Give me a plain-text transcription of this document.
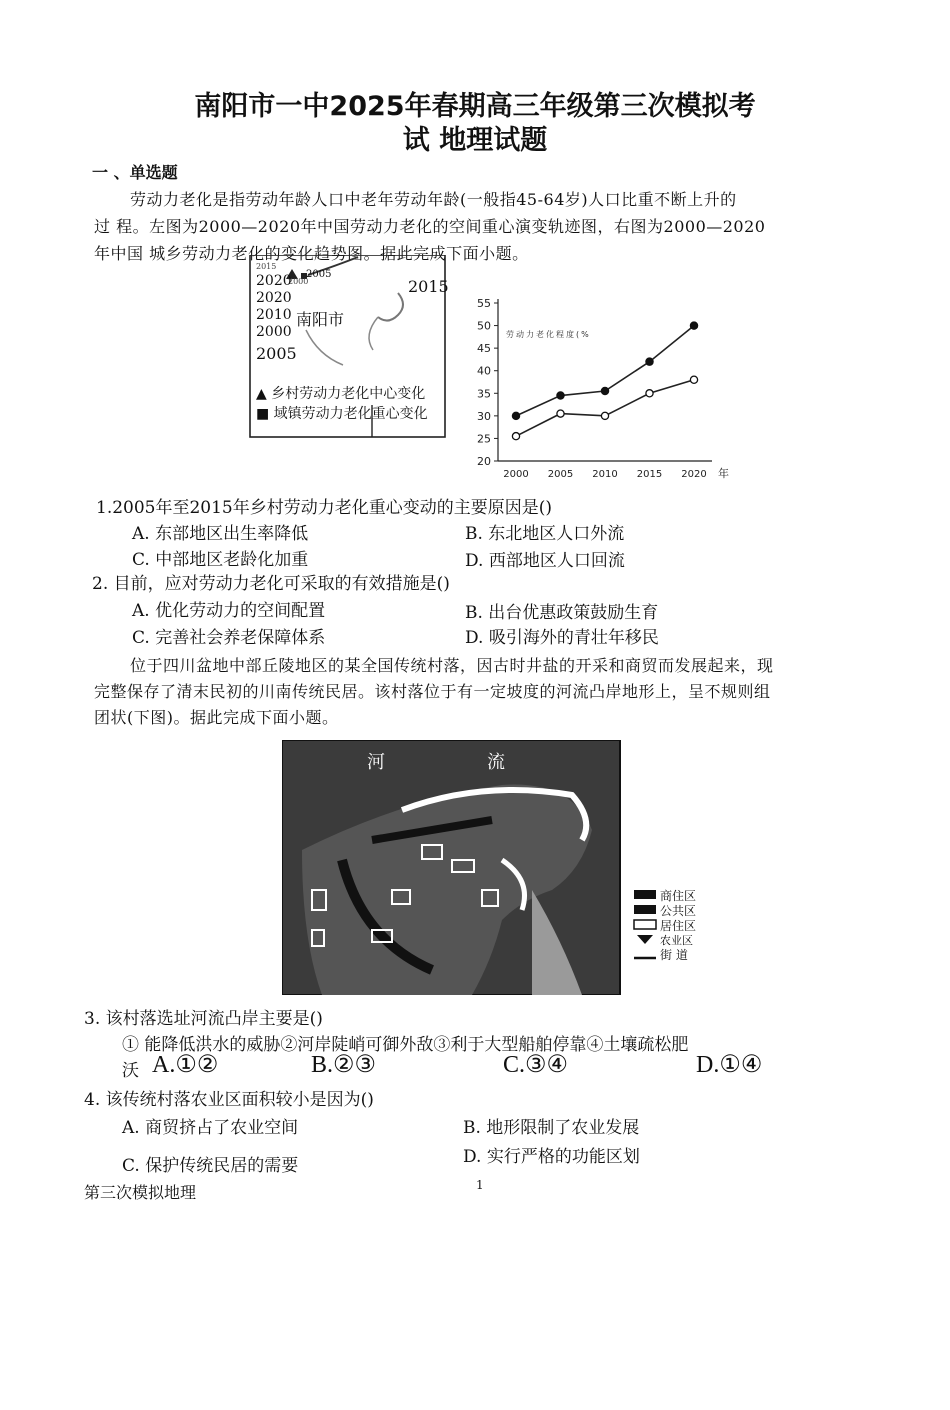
南阳市一中2025年春期高三年级第三次模拟考
试 地理试题
一 、单选题
劳动力老化是指劳动年龄人口中老年劳动年龄(一般指45-64岁)人口比重不断上升的
过 程。左图为2000—2020年中国劳动力老化的空间重心演变轨迹图，右图为2000—2020
年中国 城乡劳动力老化的变化趋势图。据此完成下面小题。
2015
2005
2000
2020
2020
2010
2000
2005
2015
南阳市
▲ 乡村劳动力老化中心变化
■ 域镇劳动力老化重心变化
20
25
30
35
40
45
50
55
2000 2005 2010 2015 2020 年
劳动力老化程度(%
1.2005年至2015年乡村劳动力老化重心变动的主要原因是()
A. 东部地区出生率降低	B. 东北地区人口外流
C. 中部地区老龄化加重	D. 西部地区人口回流
2. 目前，应对劳动力老化可采取的有效措施是()
A. 优化劳动力的空间配置	B. 出台优惠政策鼓励生育
C. 完善社会养老保障体系	D. 吸引海外的青壮年移民
位于四川盆地中部丘陵地区的某全国传统村落，因古时井盐的开采和商贸而发展起来，现
完整保存了清末民初的川南传统民居。该村落位于有一定坡度的河流凸岸地形上，呈不规则组
团状(下图)。据此完成下面小题。
河	流
商住区
公共区
居住区
农业区
街 道
3. 该村落选址河流凸岸主要是()
① 能降低洪水的威胁②河岸陡峭可御外敌③利于大型船舶停靠④土壤疏松肥
沃 A.①②	B.②③	C.③④	D.①④
4. 该传统村落农业区面积较小是因为()
A. 商贸挤占了农业空间	B. 地形限制了农业发展
C. 保护传统民居的需要	D. 实行严格的功能区划
第三次模拟地理	1
